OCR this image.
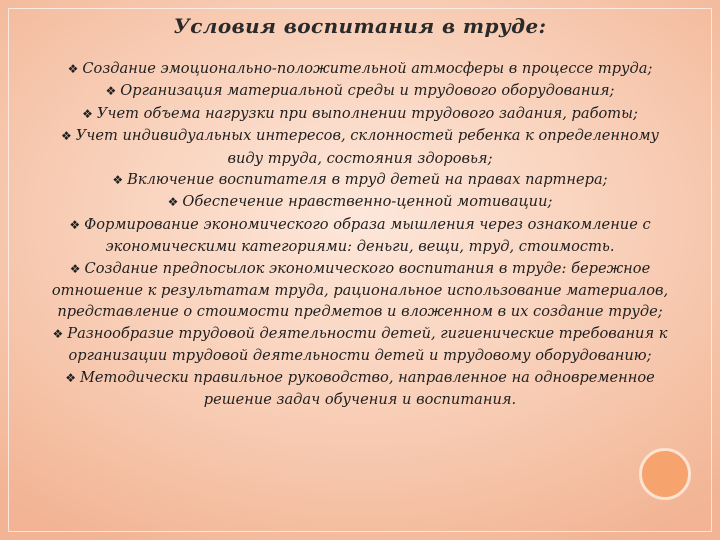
Условия воспитания в труде:
❖ Создание эмоционально-положительной атмосферы в процессе труда;
❖ Организация материальной среды и трудового оборудования;
❖ Учет объема нагрузки при выполнении трудового задания, работы;
❖ Учет индивидуальных интересов, склонностей ребенка к определенному виду труда, состояния здоровья;
❖ Включение воспитателя в труд детей на правах партнера;
❖ Обеспечение нравственно-ценной мотивации;
❖ Формирование экономического образа мышления через ознакомление с экономическими категориями: деньги, вещи, труд, стоимость.
❖ Создание предпосылок экономического воспитания в труде: бережное отношение к результатам труда, рациональное использование материалов, представление о стоимости предметов и вложенном в их создание труде;
❖ Разнообразие трудовой деятельности детей, гигиенические требования к организации трудовой деятельности детей и трудовому оборудованию;
❖ Методически правильное руководство, направленное на одновременное решение задач обучения и воспитания.
